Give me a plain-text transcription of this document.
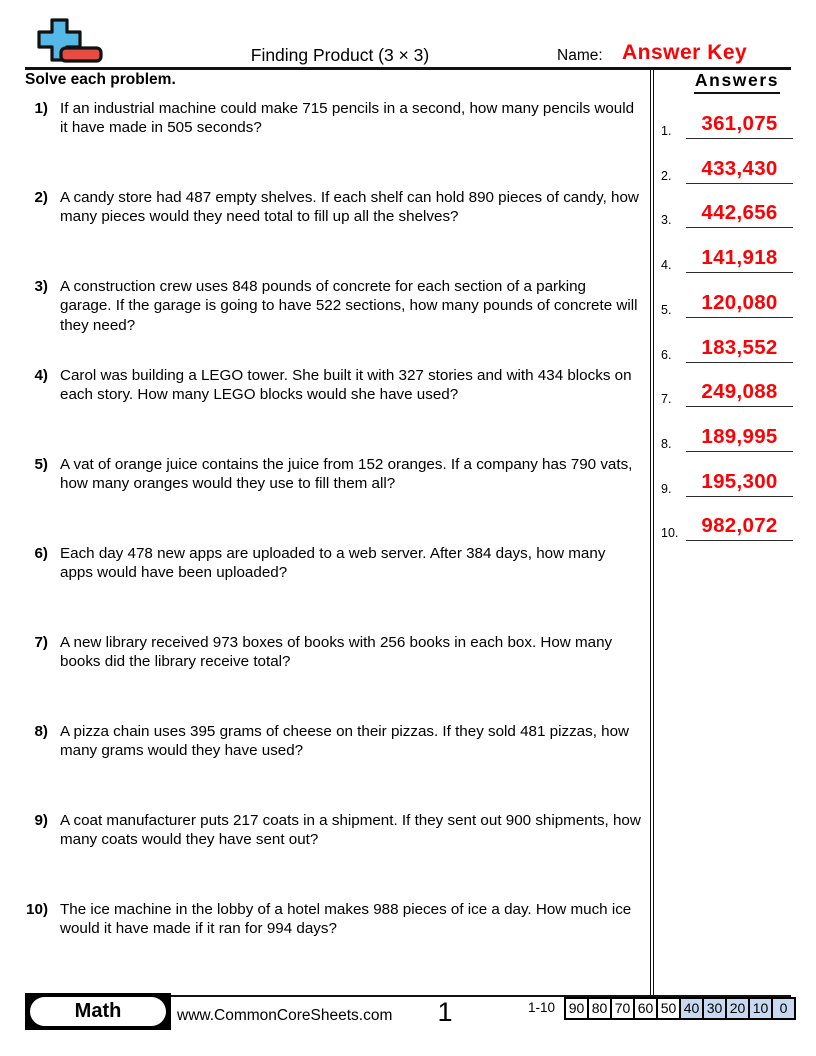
Finding Product (3 × 3)	Name: Answer Key
Solve each problem.
1) If an industrial machine could make 715 pencils in a second, how many pencils would it have made in 505 seconds?
2) A candy store had 487 empty shelves. If each shelf can hold 890 pieces of candy, how many pieces would they need total to fill up all the shelves?
3) A construction crew uses 848 pounds of concrete for each section of a parking garage. If the garage is going to have 522 sections, how many pounds of concrete will they need?
4) Carol was building a LEGO tower. She built it with 327 stories and with 434 blocks on each story. How many LEGO blocks would she have used?
5) A vat of orange juice contains the juice from 152 oranges. If a company has 790 vats, how many oranges would they use to fill them all?
6) Each day 478 new apps are uploaded to a web server. After 384 days, how many apps would have been uploaded?
7) A new library received 973 boxes of books with 256 books in each box. How many books did the library receive total?
8) A pizza chain uses 395 grams of cheese on their pizzas. If they sold 481 pizzas, how many grams would they have used?
9) A coat manufacturer puts 217 coats in a shipment. If they sent out 900 shipments, how many coats would they have sent out?
10) The ice machine in the lobby of a hotel makes 988 pieces of ice a day. How much ice would it have made if it ran for 994 days?
Answers
1.	361,075
2.	433,430
3.	442,656
4.	141,918
5.	120,080
6.	183,552
7.	249,088
8.	189,995
9.	195,300
10.	982,072
Math	www.CommonCoreSheets.com	1	1-10 90 80 70 60 50 40 30 20 10 0
